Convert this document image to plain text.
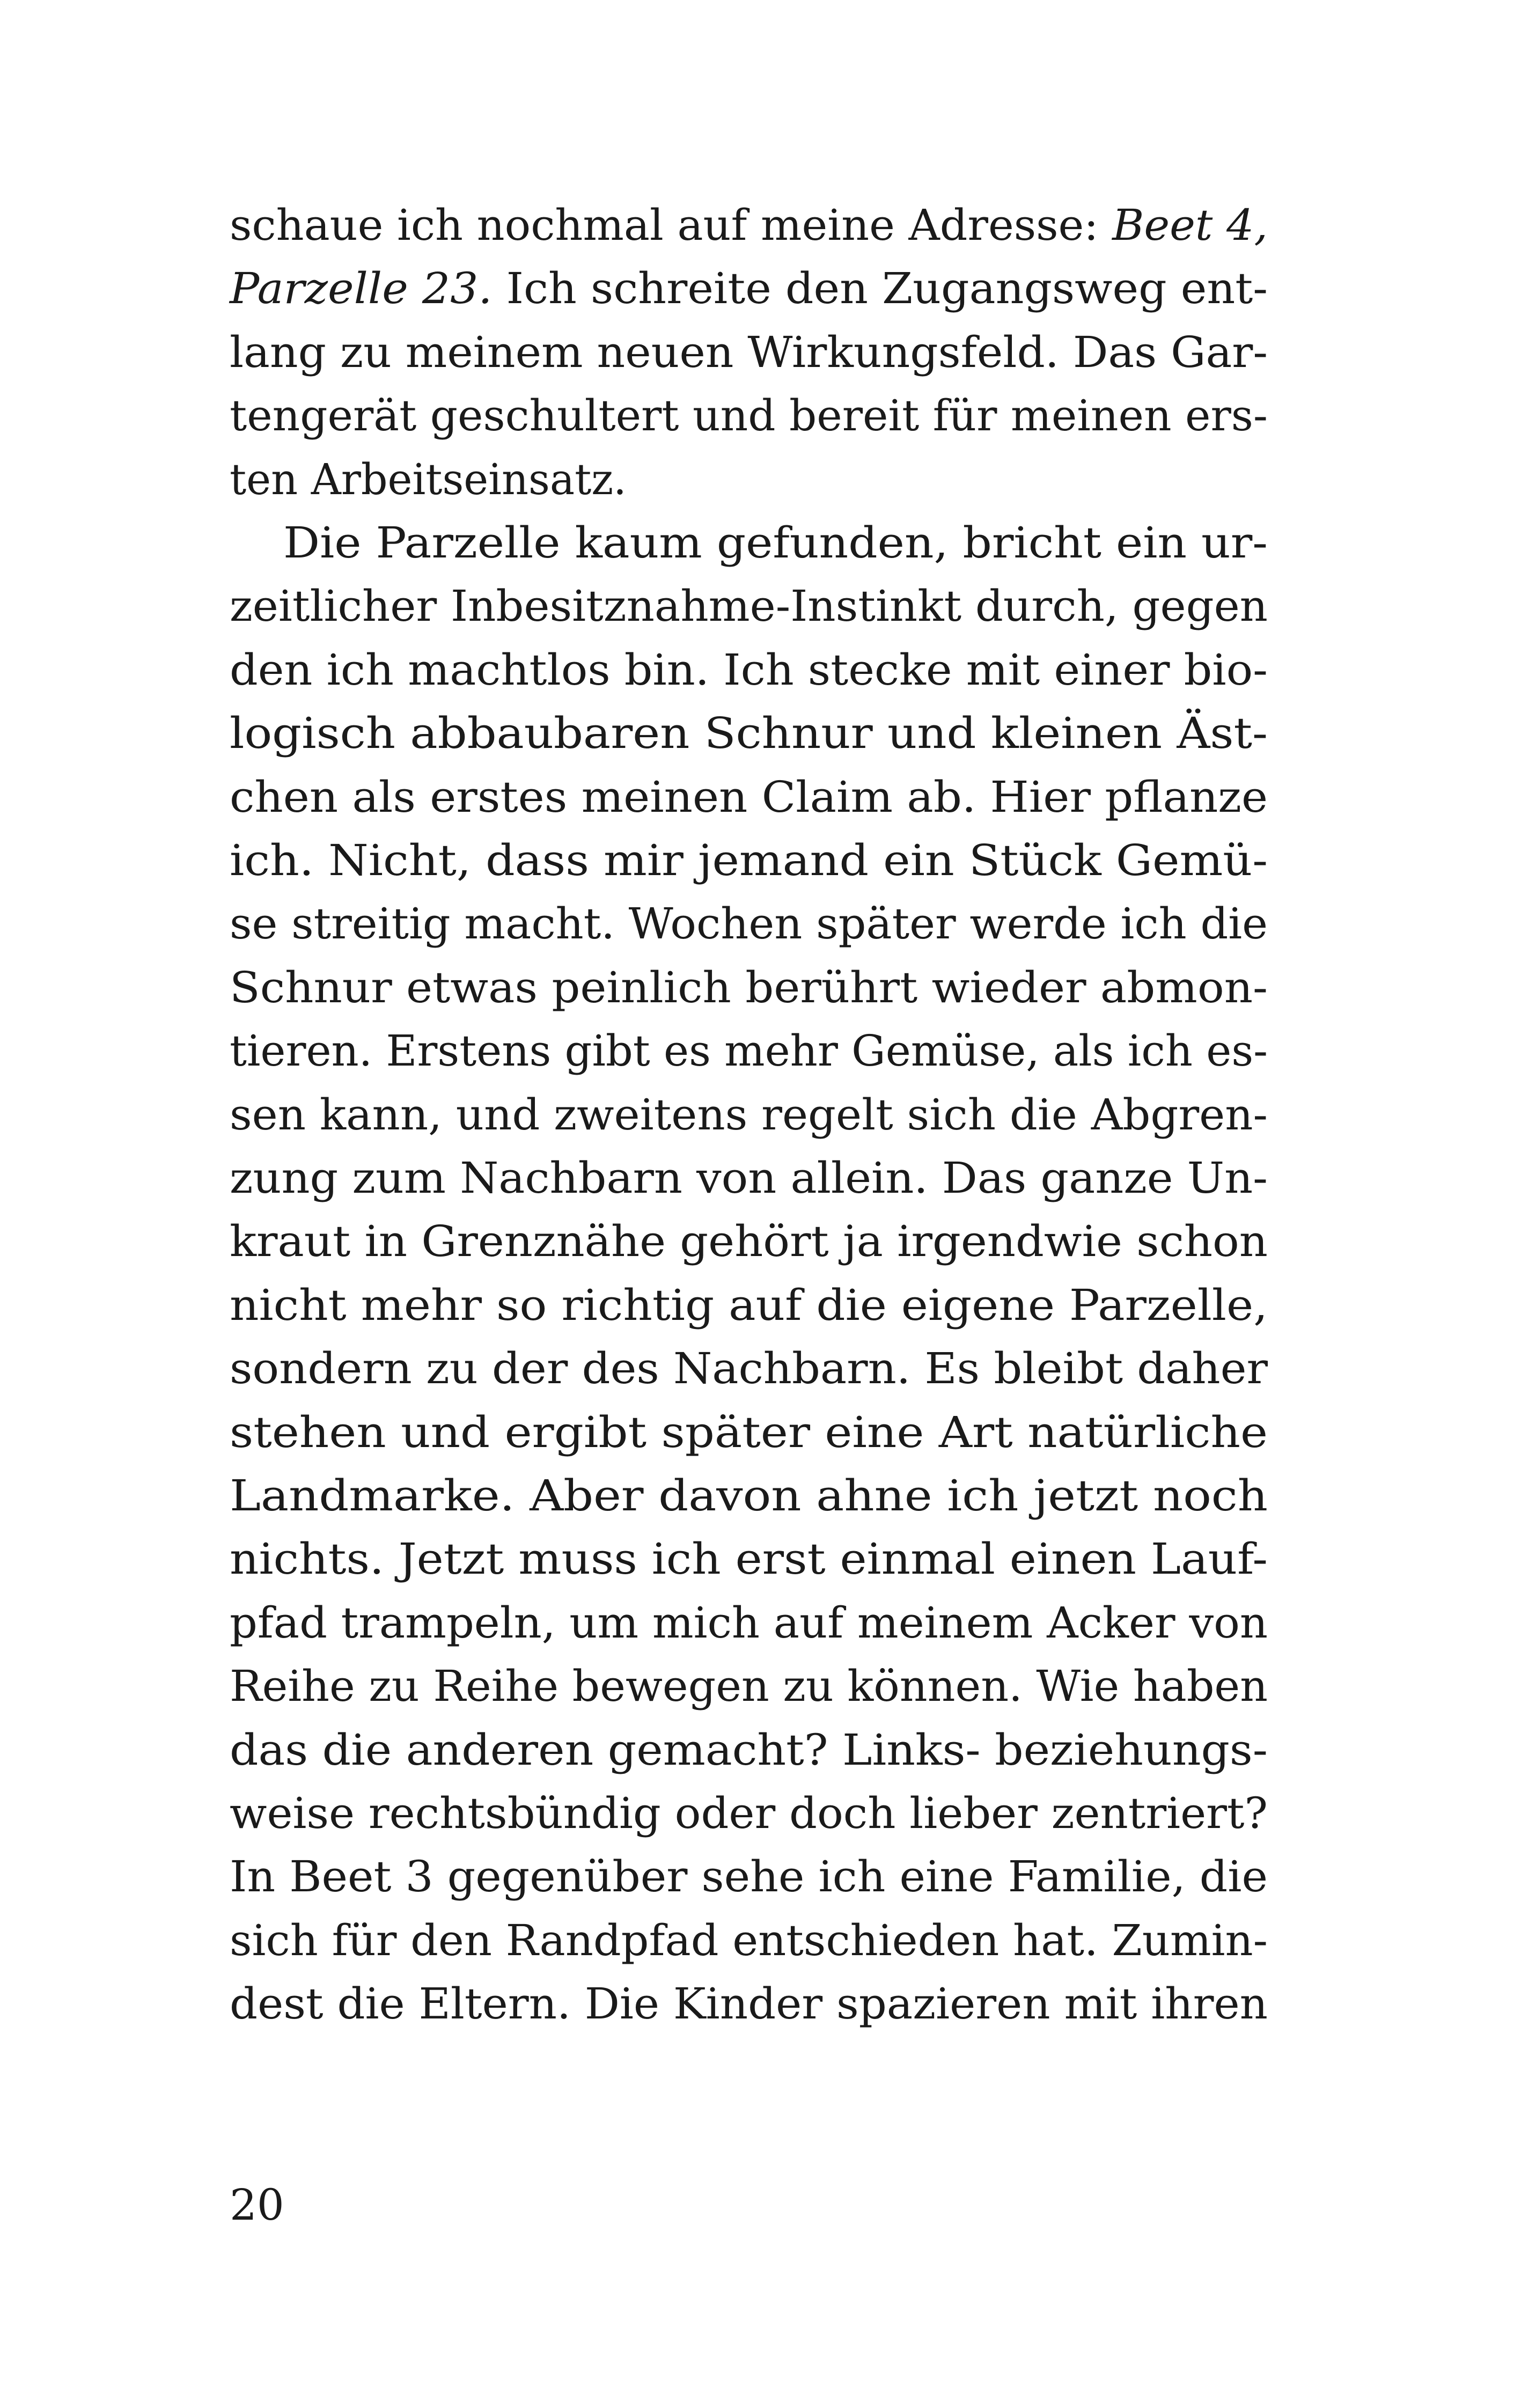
schaue ich nochmal auf meine Adresse: Beet 4,
Parzelle 23. Ich schreite den Zugangsweg ent-
lang zu meinem neuen Wirkungsfeld. Das Gar-
tengerät geschultert und bereit für meinen ers-
ten Arbeitseinsatz.
Die Parzelle kaum gefunden, bricht ein ur-
zeitlicher Inbesitznahme-Instinkt durch, gegen
den ich machtlos bin. Ich stecke mit einer bio-
logisch abbaubaren Schnur und kleinen Äst-
chen als erstes meinen Claim ab. Hier pflanze
ich. Nicht, dass mir jemand ein Stück Gemü-
se streitig macht. Wochen später werde ich die
Schnur etwas peinlich berührt wieder abmon-
tieren. Erstens gibt es mehr Gemüse, als ich es-
sen kann, und zweitens regelt sich die Abgren-
zung zum Nachbarn von allein. Das ganze Un-
kraut in Grenznähe gehört ja irgendwie schon
nicht mehr so richtig auf die eigene Parzelle,
sondern zu der des Nachbarn. Es bleibt daher
stehen und ergibt später eine Art natürliche
Landmarke. Aber davon ahne ich jetzt noch
nichts. Jetzt muss ich erst einmal einen Lauf-
pfad trampeln, um mich auf meinem Acker von
Reihe zu Reihe bewegen zu können. Wie haben
das die anderen gemacht? Links- beziehungs-
weise rechtsbündig oder doch lieber zentriert?
In Beet 3 gegenüber sehe ich eine Familie, die
sich für den Randpfad entschieden hat. Zumin-
dest die Eltern. Die Kinder spazieren mit ihren
20
